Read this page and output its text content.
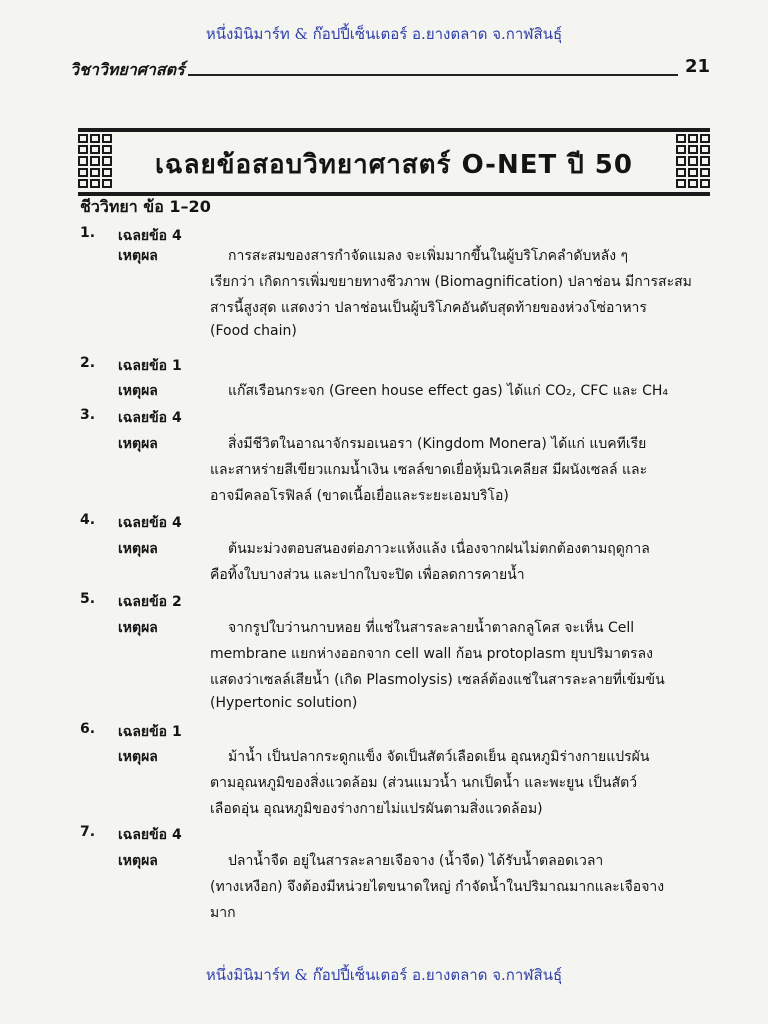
หนึ่งมินิมาร์ท & ก๊อปปี้เซ็นเตอร์ อ.ยางตลาด จ.กาฬสินธุ์
วิชาวิทยาศาสตร์	21
เฉลยข้อสอบวิทยาศาสตร์ O-NET ปี 50
ชีววิทยา ข้อ 1–20
1. เฉลยข้อ 4
เหตุผล	การสะสมของสารกำจัดแมลง จะเพิ่มมากขึ้นในผู้บริโภคลำดับหลัง ๆ
เรียกว่า เกิดการเพิ่มขยายทางชีวภาพ (Biomagnification) ปลาช่อน มีการสะสม
สารนี้สูงสุด แสดงว่า ปลาช่อนเป็นผู้บริโภคอันดับสุดท้ายของห่วงโซ่อาหาร
(Food chain)
2. เฉลยข้อ 1
เหตุผล	แก๊สเรือนกระจก (Green house effect gas) ได้แก่ CO₂, CFC และ CH₄
3. เฉลยข้อ 4
เหตุผล	สิ่งมีชีวิตในอาณาจักรมอเนอรา (Kingdom Monera) ได้แก่ แบคทีเรีย
และสาหร่ายสีเขียวแกมน้ำเงิน เซลล์ขาดเยื่อหุ้มนิวเคลียส มีผนังเซลล์ และ
อาจมีคลอโรฟิลล์ (ขาดเนื้อเยื่อและระยะเอมบริโอ)
4. เฉลยข้อ 4
เหตุผล	ต้นมะม่วงตอบสนองต่อภาวะแห้งแล้ง เนื่องจากฝนไม่ตกต้องตามฤดูกาล
คือทิ้งใบบางส่วน และปากใบจะปิด เพื่อลดการคายน้ำ
5. เฉลยข้อ 2
เหตุผล	จากรูปใบว่านกาบหอย ที่แช่ในสารละลายน้ำตาลกลูโคส จะเห็น Cell
membrane แยกห่างออกจาก cell wall ก้อน protoplasm ยุบปริมาตรลง
แสดงว่าเซลล์เสียน้ำ (เกิด Plasmolysis) เซลล์ต้องแช่ในสารละลายที่เข้มข้น
(Hypertonic solution)
6. เฉลยข้อ 1
เหตุผล	ม้าน้ำ เป็นปลากระดูกแข็ง จัดเป็นสัตว์เลือดเย็น อุณหภูมิร่างกายแปรผัน
ตามอุณหภูมิของสิ่งแวดล้อม (ส่วนแมวน้ำ นกเป็ดน้ำ และพะยูน เป็นสัตว์
เลือดอุ่น อุณหภูมิของร่างกายไม่แปรผันตามสิ่งแวดล้อม)
7. เฉลยข้อ 4
เหตุผล	ปลาน้ำจืด อยู่ในสารละลายเจือจาง (น้ำจืด) ได้รับน้ำตลอดเวลา
(ทางเหงือก) จึงต้องมีหน่วยไตขนาดใหญ่ กำจัดน้ำในปริมาณมากและเจือจาง
มาก
หนึ่งมินิมาร์ท & ก๊อปปี้เซ็นเตอร์ อ.ยางตลาด จ.กาฬสินธุ์
